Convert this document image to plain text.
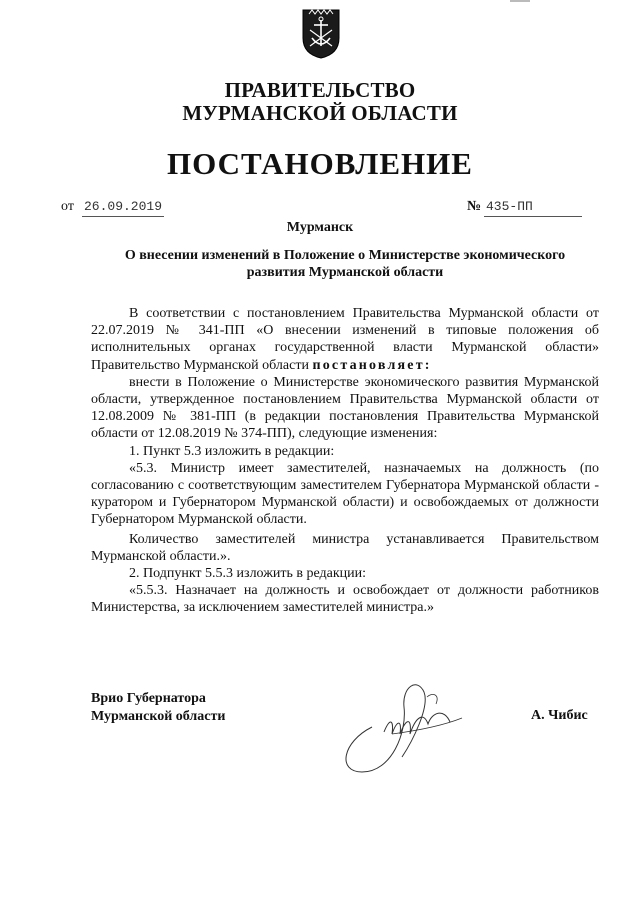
ПРАВИТЕЛЬСТВО
МУРМАНСКОЙ ОБЛАСТИ
ПОСТАНОВЛЕНИЕ
от 26.09.2019	№ 435-ПП
Мурманск
О внесении изменений в Положение о Министерстве экономического
развития Мурманской области

В соответствии с постановлением Правительства Мурманской области от 22.07.2019 № 341-ПП «О внесении изменений в типовые положения об исполнительных органах государственной власти Мурманской области» Правительство Мурманской области постановляет:

внести в Положение о Министерстве экономического развития Мурманской области, утвержденное постановлением Правительства Мурманской области от 12.08.2009 № 381-ПП (в редакции постановления Правительства Мурманской области от 12.08.2019 № 374-ПП), следующие изменения:

1. Пункт 5.3 изложить в редакции:

«5.3. Министр имеет заместителей, назначаемых на должность (по согласованию с соответствующим заместителем Губернатора Мурманской области - куратором и Губернатором Мурманской области) и освобождаемых от должности Губернатором Мурманской области.

Количество заместителей министра устанавливается Правительством Мурманской области.».

2. Подпункт 5.5.3 изложить в редакции:

«5.5.3. Назначает на должность и освобождает от должности работников Министерства, за исключением заместителей министра.»

Врио Губернатора
Мурманской области	А. Чибис
